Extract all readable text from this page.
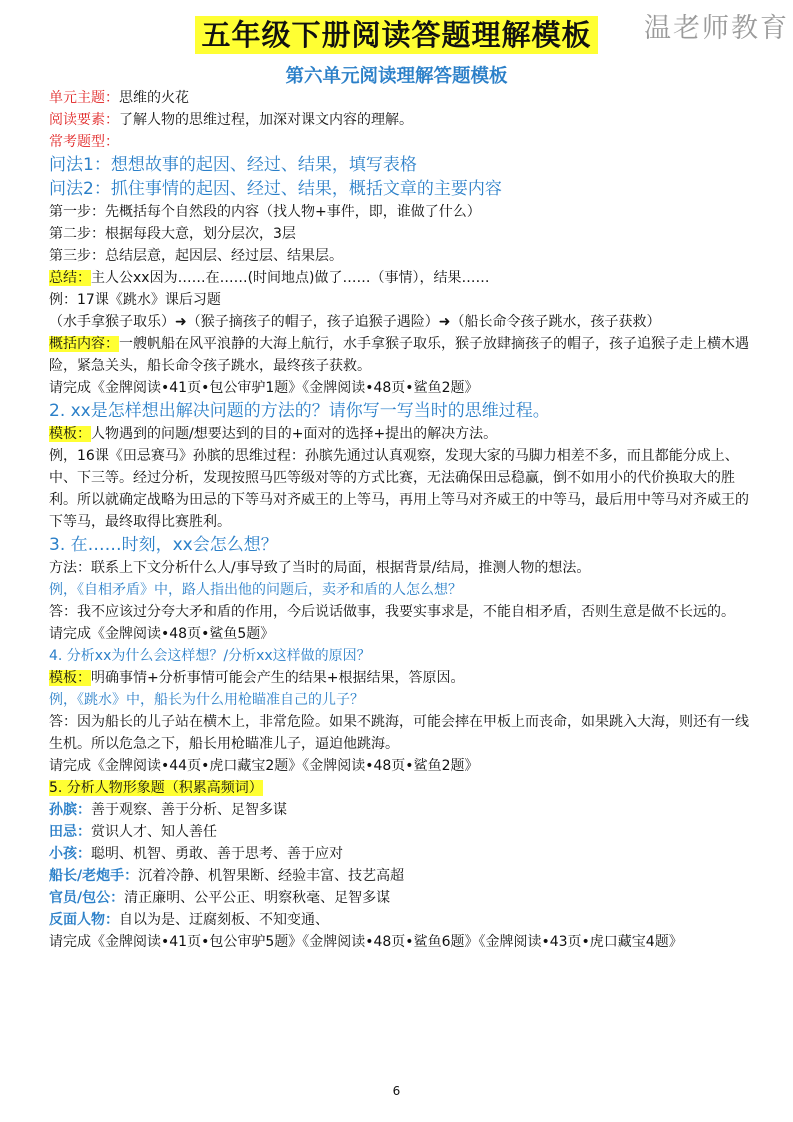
五年级下册阅读答题理解模板	温老师教育
第六单元阅读理解答题模板
单元主题：思维的火花
阅读要素：了解人物的思维过程，加深对课文内容的理解。
常考题型：
问法1：想想故事的起因、经过、结果，填写表格
问法2：抓住事情的起因、经过、结果，概括文章的主要内容
第一步：先概括每个自然段的内容（找人物+事件，即，谁做了什么）
第二步：根据每段大意，划分层次，3层
第三步：总结层意，起因层、经过层、结果层。
总结：主人公xx因为……在……(时间地点)做了……（事情），结果……
例：17课《跳水》课后习题
（水手拿猴子取乐）➜（猴子摘孩子的帽子，孩子追猴子遇险）➜（船长命令孩子跳水，孩子获救）
概括内容：一艘帆船在风平浪静的大海上航行，水手拿猴子取乐，猴子放肆摘孩子的帽子，孩子追猴子走上横木遇险，紧急关头，船长命令孩子跳水，最终孩子获救。
请完成《金牌阅读•41页•包公审驴1题》《金牌阅读•48页•鲨鱼2题》
2. xx是怎样想出解决问题的方法的？请你写一写当时的思维过程。
模板：人物遇到的问题/想要达到的目的+面对的选择+提出的解决方法。
例，16课《田忌赛马》孙膑的思维过程：孙膑先通过认真观察，发现大家的马脚力相差不多，而且都能分成上、中、下三等。经过分析，发现按照马匹等级对等的方式比赛，无法确保田忌稳赢，倒不如用小的代价换取大的胜利。所以就确定战略为田忌的下等马对齐威王的上等马，再用上等马对齐威王的中等马，最后用中等马对齐威王的下等马，最终取得比赛胜利。
3. 在……时刻，xx会怎么想？
方法：联系上下文分析什么人/事导致了当时的局面，根据背景/结局，推测人物的想法。
例，《自相矛盾》中，路人指出他的问题后，卖矛和盾的人怎么想？
答：我不应该过分夸大矛和盾的作用，今后说话做事，我要实事求是，不能自相矛盾，否则生意是做不长远的。
请完成《金牌阅读•48页•鲨鱼5题》
4. 分析xx为什么会这样想？/分析xx这样做的原因？
模板：明确事情+分析事情可能会产生的结果+根据结果，答原因。
例，《跳水》中，船长为什么用枪瞄准自己的儿子？
答：因为船长的儿子站在横木上，非常危险。如果不跳海，可能会摔在甲板上而丧命，如果跳入大海，则还有一线生机。所以危急之下，船长用枪瞄准儿子，逼迫他跳海。
请完成《金牌阅读•44页•虎口藏宝2题》《金牌阅读•48页•鲨鱼2题》
5. 分析人物形象题（积累高频词）
孙膑：善于观察、善于分析、足智多谋
田忌：赏识人才、知人善任
小孩：聪明、机智、勇敢、善于思考、善于应对
船长/老炮手：沉着冷静、机智果断、经验丰富、技艺高超
官员/包公：清正廉明、公平公正、明察秋毫、足智多谋
反面人物：自以为是、迂腐刻板、不知变通、
请完成《金牌阅读•41页•包公审驴5题》《金牌阅读•48页•鲨鱼6题》《金牌阅读•43页•虎口藏宝4题》
6
